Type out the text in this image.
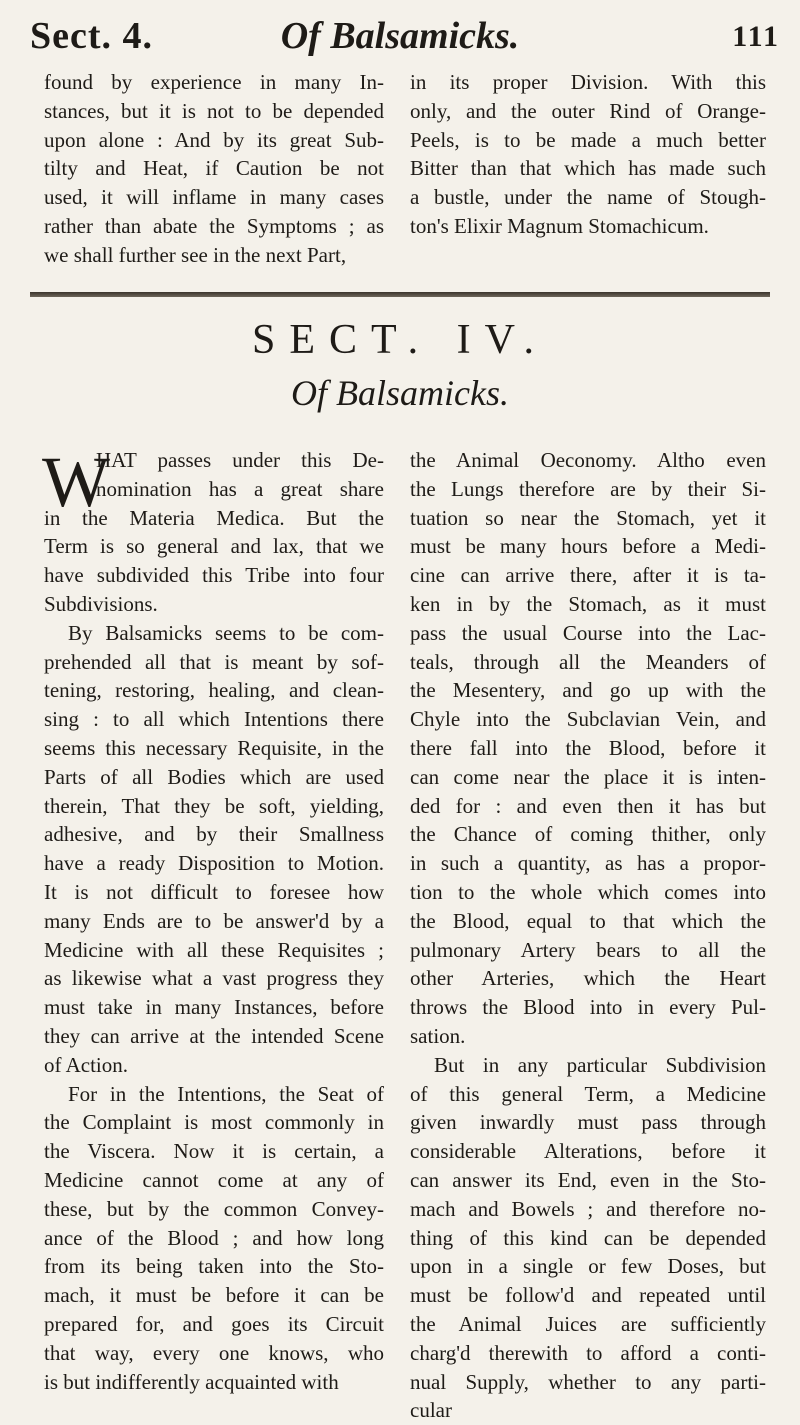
Sect. 4.	Of Balsamicks.	111
found by experience in many In-
stances, but it is not to be depended
upon alone : And by its great Sub-
tilty and Heat, if Caution be not
used, it will inflame in many cases
rather than abate the Symptoms ; as
we shall further see in the next Part,
in its proper Division. With this
only, and the outer Rind of Orange-
Peels, is to be made a much better
Bitter than that which has made such
a bustle, under the name of Stough-
ton's Elixir Magnum Stomachicum.
SECT. IV.
Of Balsamicks.
W
HAT passes under this De-
nomination has a great share
in the Materia Medica. But the
Term is so general and lax, that we
have subdivided this Tribe into four
Subdivisions.
By Balsamicks seems to be com-
prehended all that is meant by sof-
tening, restoring, healing, and clean-
sing : to all which Intentions there
seems this necessary Requisite, in the
Parts of all Bodies which are used
therein, That they be soft, yielding,
adhesive, and by their Smallness
have a ready Disposition to Motion.
It is not difficult to foresee how
many Ends are to be answer'd by a
Medicine with all these Requisites ;
as likewise what a vast progress they
must take in many Instances, before
they can arrive at the intended Scene
of Action.
For in the Intentions, the Seat of
the Complaint is most commonly in
the Viscera. Now it is certain, a
Medicine cannot come at any of
these, but by the common Convey-
ance of the Blood ; and how long
from its being taken into the Sto-
mach, it must be before it can be
prepared for, and goes its Circuit
that way, every one knows, who
is but indifferently acquainted with
the Animal Oeconomy. Altho even
the Lungs therefore are by their Si-
tuation so near the Stomach, yet it
must be many hours before a Medi-
cine can arrive there, after it is ta-
ken in by the Stomach, as it must
pass the usual Course into the Lac-
teals, through all the Meanders of
the Mesentery, and go up with the
Chyle into the Subclavian Vein, and
there fall into the Blood, before it
can come near the place it is inten-
ded for : and even then it has but
the Chance of coming thither, only
in such a quantity, as has a propor-
tion to the whole which comes into
the Blood, equal to that which the
pulmonary Artery bears to all the
other Arteries, which the Heart
throws the Blood into in every Pul-
sation.
But in any particular Subdivision
of this general Term, a Medicine
given inwardly must pass through
considerable Alterations, before it
can answer its End, even in the Sto-
mach and Bowels ; and therefore no-
thing of this kind can be depended
upon in a single or few Doses, but
must be follow'd and repeated until
the Animal Juices are sufficiently
charg'd therewith to afford a conti-
nual Supply, whether to any parti-
cular
